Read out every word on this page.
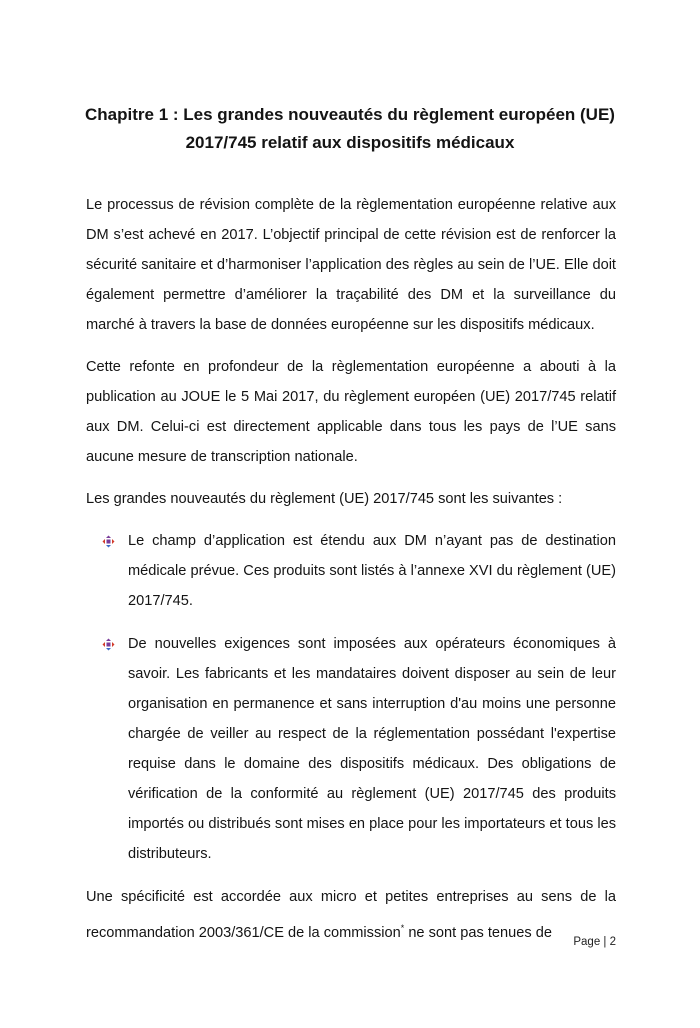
Chapitre 1 : Les grandes nouveautés du règlement européen (UE)
2017/745 relatif aux dispositifs médicaux

Le processus de révision complète de la règlementation européenne relative aux DM s’est achevé en 2017. L’objectif principal de cette révision est de renforcer la sécurité sanitaire et d’harmoniser l’application des règles au sein de l’UE. Elle doit également permettre d’améliorer la traçabilité des DM et la surveillance du marché à travers la base de données européenne sur les dispositifs médicaux.

Cette refonte en profondeur de la règlementation européenne a abouti à la publication au JOUE le 5 Mai 2017, du règlement européen (UE) 2017/745 relatif aux DM. Celui-ci est directement applicable dans tous les pays de l’UE sans aucune mesure de transcription nationale.

Les grandes nouveautés du règlement (UE) 2017/745 sont les suivantes :

Le champ d’application est étendu aux DM n’ayant pas de destination médicale prévue. Ces produits sont listés à l’annexe XVI du règlement (UE) 2017/745.

De nouvelles exigences sont imposées aux opérateurs économiques à savoir. Les fabricants et les mandataires doivent disposer au sein de leur organisation en permanence et sans interruption d'au moins une personne chargée de veiller au respect de la réglementation possédant l'expertise requise dans le domaine des dispositifs médicaux. Des obligations de vérification de la conformité au règlement (UE) 2017/745 des produits importés ou distribués sont mises en place pour les importateurs et tous les distributeurs.

Une spécificité est accordée aux micro et petites entreprises au sens de la recommandation 2003/361/CE de la commission* ne sont pas tenues de

Page | 2
